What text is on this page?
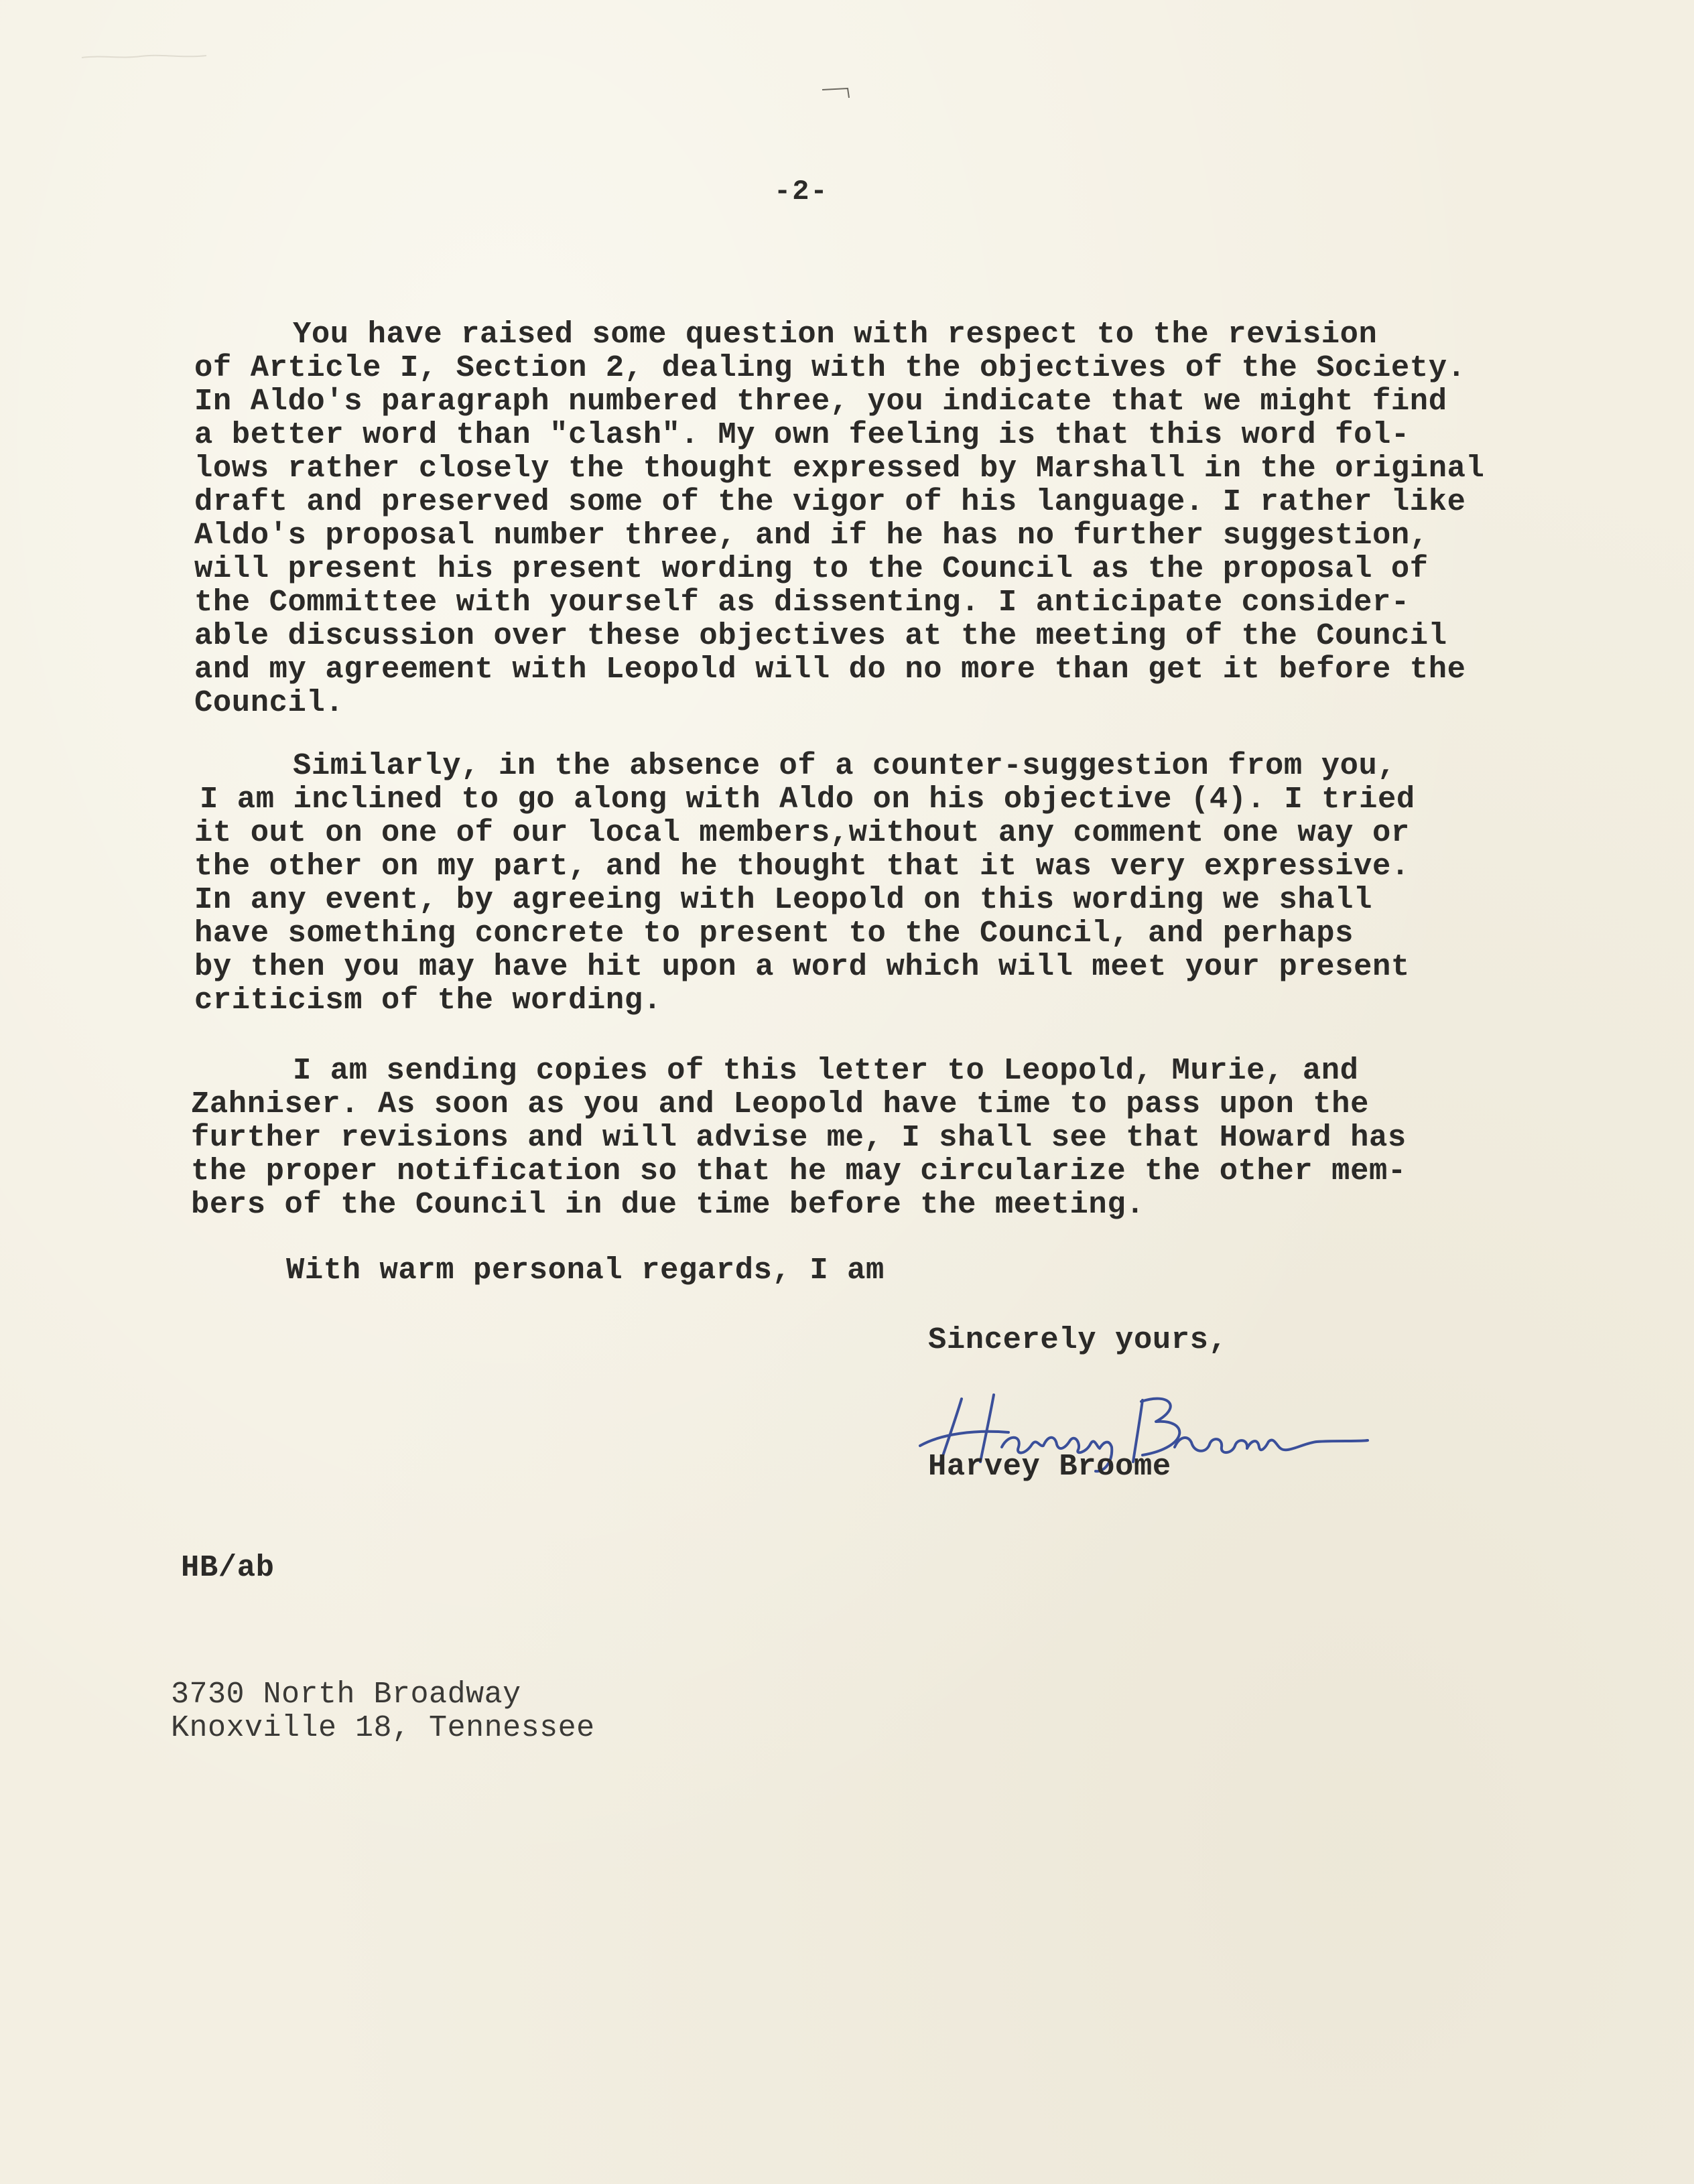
-2-
You have raised some question with respect to the revision
of Article I, Section 2, dealing with the objectives of the Society.
In Aldo's paragraph numbered three, you indicate that we might find
a better word than "clash". My own feeling is that this word fol-
lows rather closely the thought expressed by Marshall in the original
draft and preserved some of the vigor of his language. I rather like
Aldo's proposal number three, and if he has no further suggestion,
will present his present wording to the Council as the proposal of
the Committee with yourself as dissenting. I anticipate consider-
able discussion over these objectives at the meeting of the Council
and my agreement with Leopold will do no more than get it before the
Council.
Similarly, in the absence of a counter-suggestion from you,
I am inclined to go along with Aldo on his objective (4). I tried
it out on one of our local members,without any comment one way or
the other on my part, and he thought that it was very expressive.
In any event, by agreeing with Leopold on this wording we shall
have something concrete to present to the Council, and perhaps
by then you may have hit upon a word which will meet your present
criticism of the wording.
I am sending copies of this letter to Leopold, Murie, and
Zahniser. As soon as you and Leopold have time to pass upon the
further revisions and will advise me, I shall see that Howard has
the proper notification so that he may circularize the other mem-
bers of the Council in due time before the meeting.
With warm personal regards, I am
Sincerely yours,
Harvey Broome
HB/ab
3730 North Broadway
Knoxville 18, Tennessee
